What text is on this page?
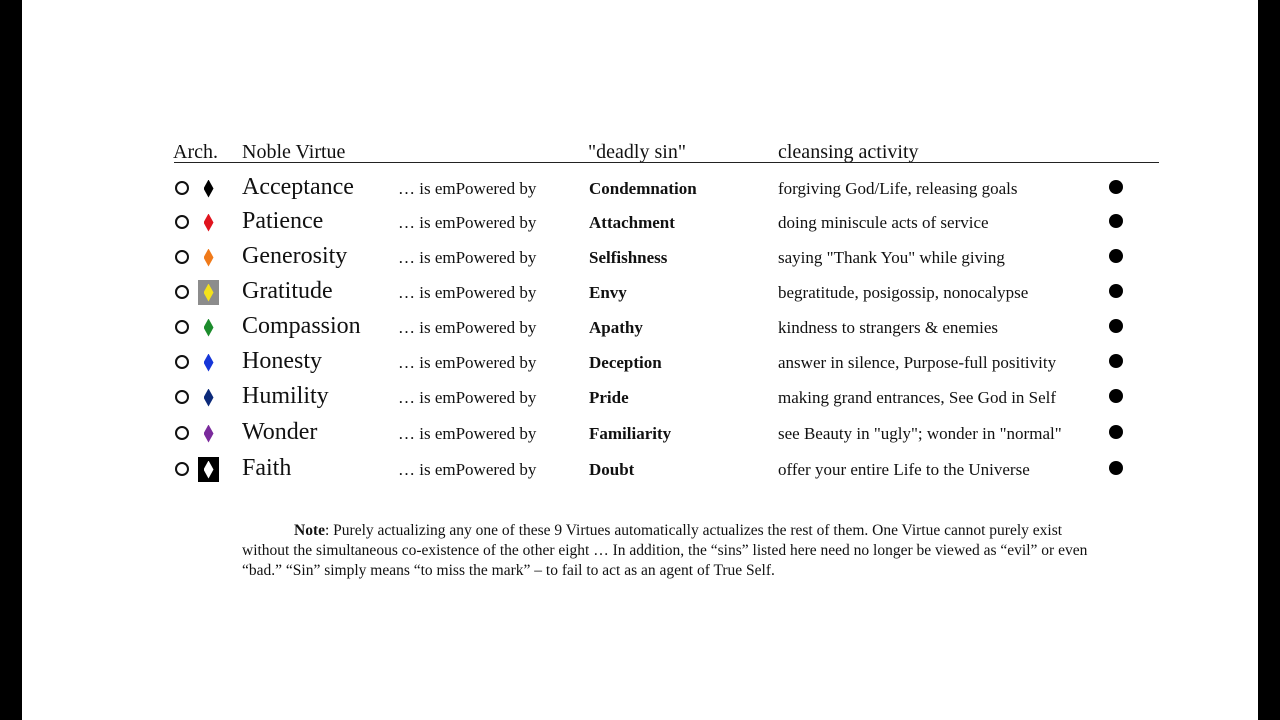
Arch. Noble Virtue	"deadly sin"	cleansing activity
Acceptance	… is emPowered by	Condemnation	forgiving God/Life, releasing goals
Patience	… is emPowered by	Attachment	doing miniscule acts of service
Generosity	… is emPowered by	Selfishness	saying "Thank You" while giving
Gratitude	… is emPowered by	Envy	begratitude, posigossip, nonocalypse
Compassion … is emPowered by	Apathy	kindness to strangers & enemies
Honesty	… is emPowered by	Deception	answer in silence, Purpose-full positivity
Humility	… is emPowered by	Pride	making grand entrances, See God in Self
Wonder	… is emPowered by	Familiarity	see Beauty in "ugly"; wonder in "normal"
Faith	… is emPowered by	Doubt	offer your entire Life to the Universe

Note: Purely actualizing any one of these 9 Virtues automatically actualizes the rest of them. One Virtue cannot purely exist without the simultaneous co-existence of the other eight … In addition, the “sins” listed here need no longer be viewed as “evil” or even “bad.” “Sin” simply means “to miss the mark” – to fail to act as an agent of True Self.
